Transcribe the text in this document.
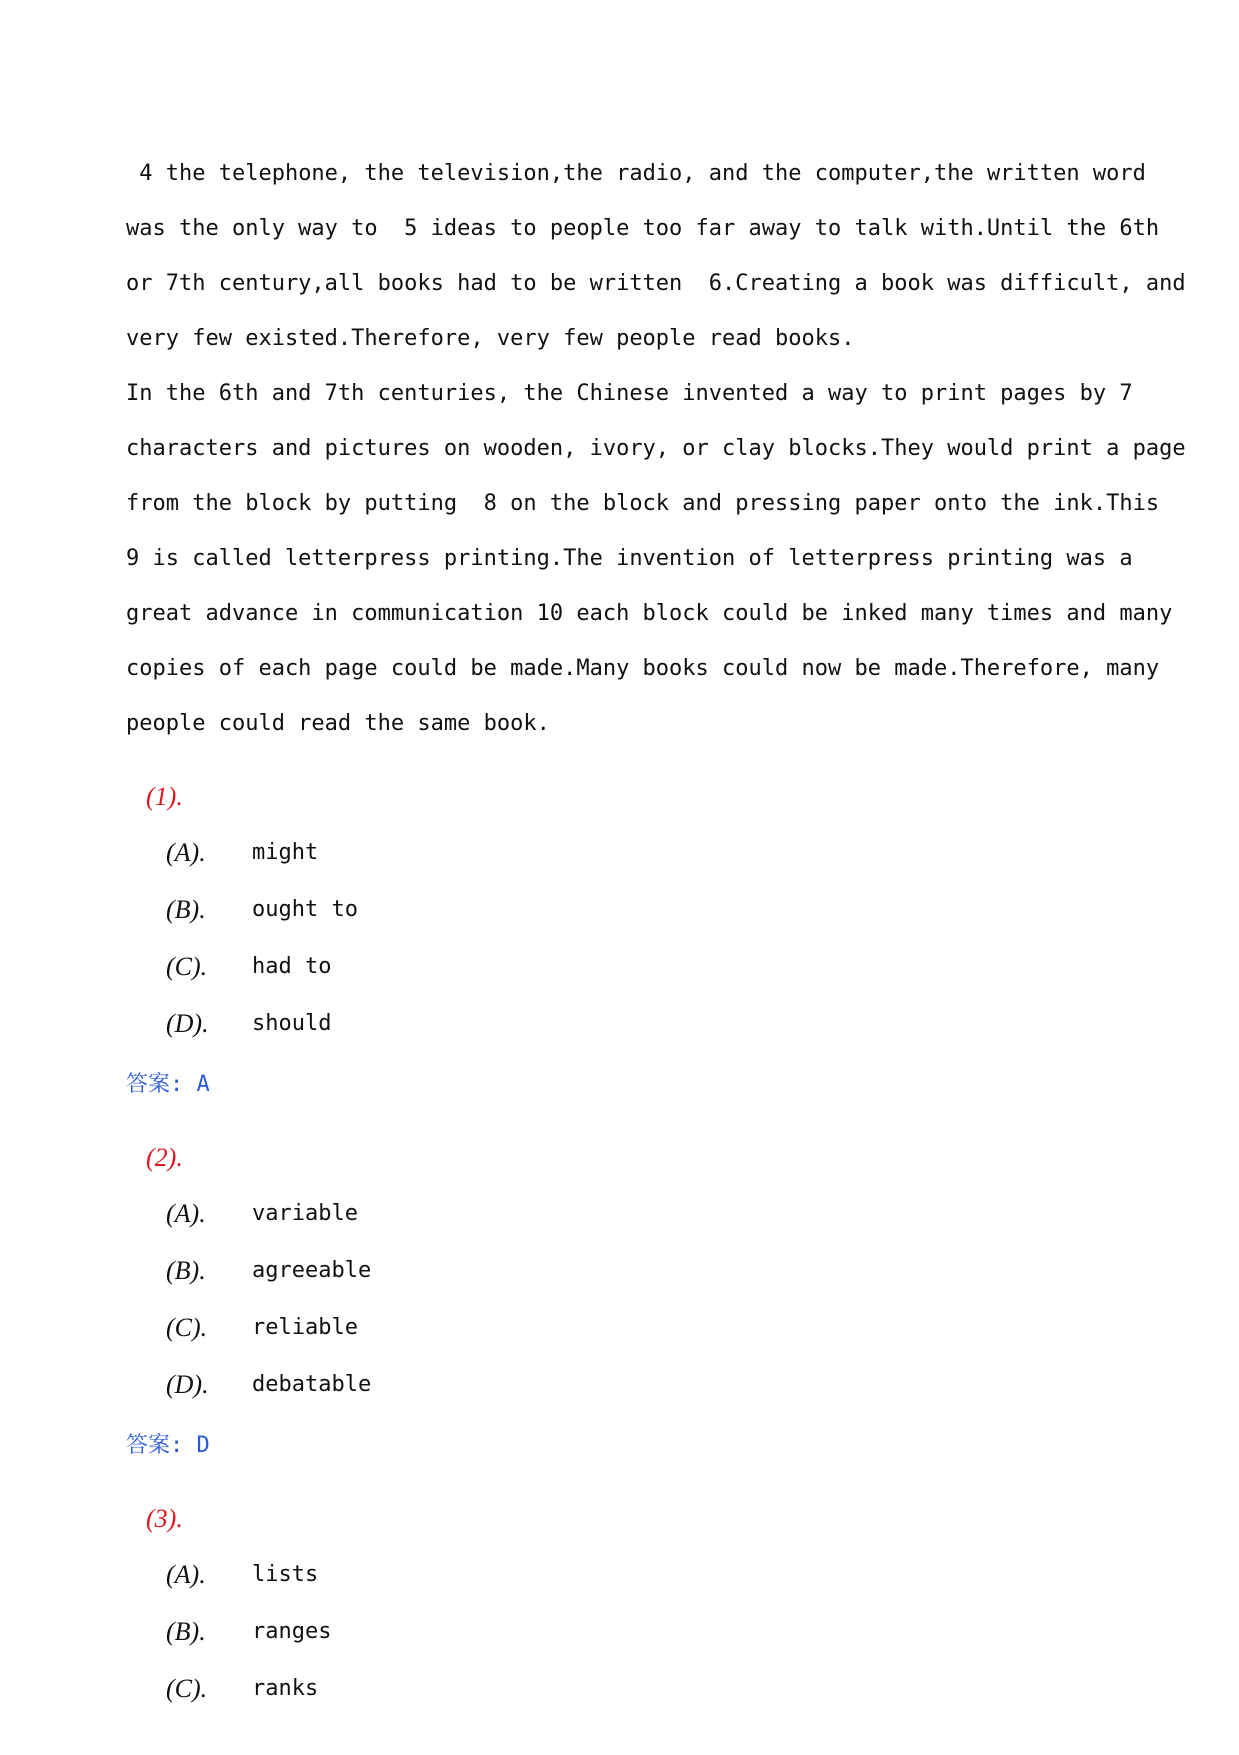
4 the telephone, the television,the radio, and the computer,the written word was the only way to  5 ideas to people too far away to talk with.Until the 6th or 7th century,all books had to be written  6.Creating a book was difficult, and very few existed.Therefore, very few people read books.

In the 6th and 7th centuries, the Chinese invented a way to print pages by 7 characters and pictures on wooden, ivory, or clay blocks.They would print a page from the block by putting  8 on the block and pressing paper onto the ink.This  9 is called letterpress printing.The invention of letterpress printing was a great advance in communication 10 each block could be inked many times and many copies of each page could be made.Many books could now be made.Therefore, many people could read the same book.

(1).
(A). might
(B). ought to
(C). had to
(D). should
答案: A
(2).
(A). variable
(B). agreeable
(C). reliable
(D). debatable
答案: D
(3).
(A). lists
(B). ranges
(C). ranks
